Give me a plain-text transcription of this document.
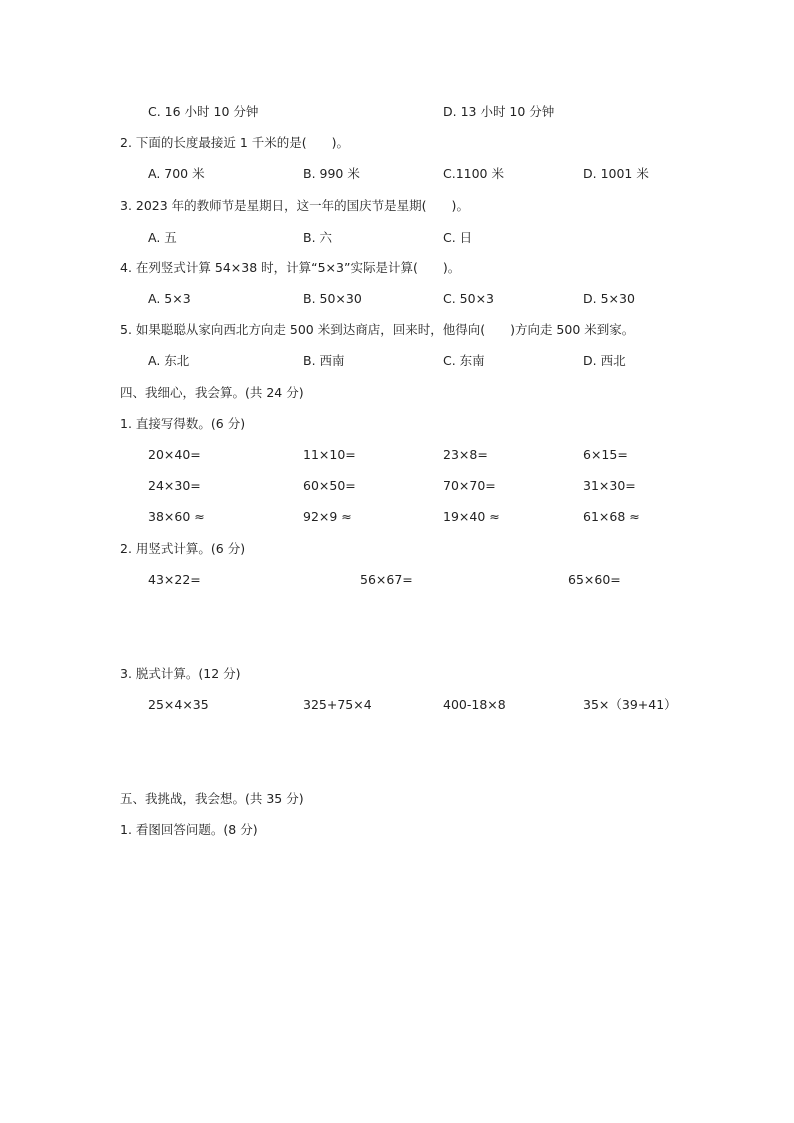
C. 16 小时 10 分钟	D. 13 小时 10 分钟
2. 下面的长度最接近 1 千米的是(　　)。
A. 700 米	B. 990 米	C.1100 米	D. 1001 米
3. 2023 年的教师节是星期日，这一年的国庆节是星期(　　)。
A. 五	B. 六	C. 日
4. 在列竖式计算 54×38 时，计算“5×3”实际是计算(　　)。
A. 5×3	B. 50×30	C. 50×3	D. 5×30
5. 如果聪聪从家向西北方向走 500 米到达商店，回来时，他得向(　　)方向走 500 米到家。
A. 东北	B. 西南	C. 东南	D. 西北
四、我细心，我会算。(共 24 分)
1. 直接写得数。(6 分)
20×40=	11×10=	23×8=	6×15=
24×30=	60×50=	70×70=	31×30=
38×60 ≈	92×9 ≈	19×40 ≈	61×68 ≈
2. 用竖式计算。(6 分)
43×22=	56×67=	65×60=
3. 脱式计算。(12 分)
25×4×35	325+75×4	400-18×8	35×（39+41）
五、我挑战，我会想。(共 35 分)
1. 看图回答问题。(8 分)
